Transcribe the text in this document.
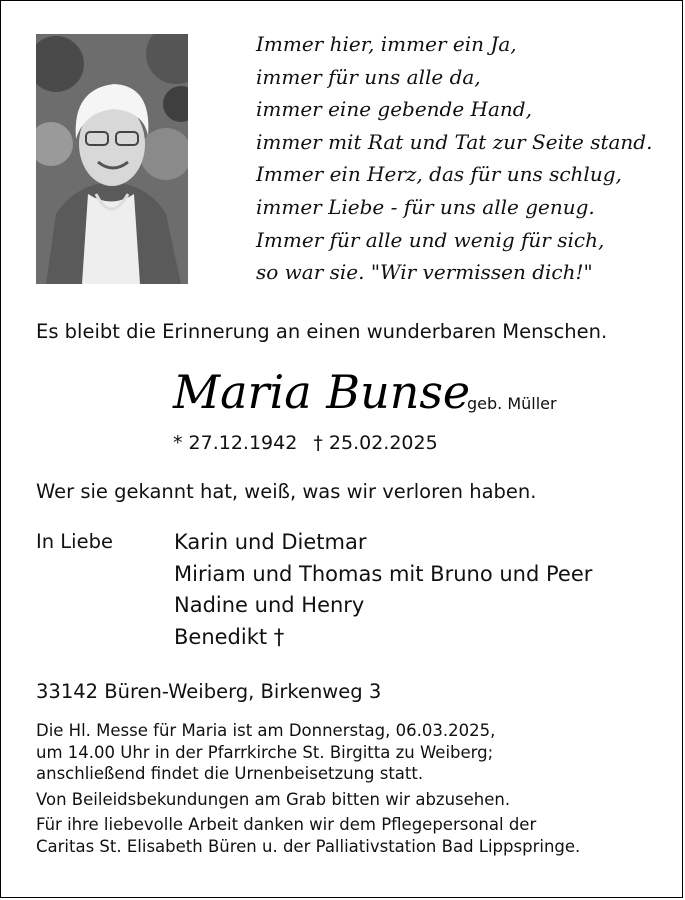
Immer hier, immer ein Ja,
immer für uns alle da,
immer eine gebende Hand,
immer mit Rat und Tat zur Seite stand.
Immer ein Herz, das für uns schlug,
immer Liebe - für uns alle genug.
Immer für alle und wenig für sich,
so war sie. "Wir vermissen dich!"
Es bleibt die Erinnerung an einen wunderbaren Menschen.
Maria Bunse
geb. Müller
* 27.12.1942 † 25.02.2025
Wer sie gekannt hat, weiß, was wir verloren haben.
In Liebe	Karin und Dietmar
Miriam und Thomas mit Bruno und Peer
Nadine und Henry
Benedikt †
33142 Büren-Weiberg, Birkenweg 3
Die Hl. Messe für Maria ist am Donnerstag, 06.03.2025,
um 14.00 Uhr in der Pfarrkirche St. Birgitta zu Weiberg;
anschließend findet die Urnenbeisetzung statt.
Von Beileidsbekundungen am Grab bitten wir abzusehen.
Für ihre liebevolle Arbeit danken wir dem Pflegepersonal der
Caritas St. Elisabeth Büren u. der Palliativstation Bad Lippspringe.
